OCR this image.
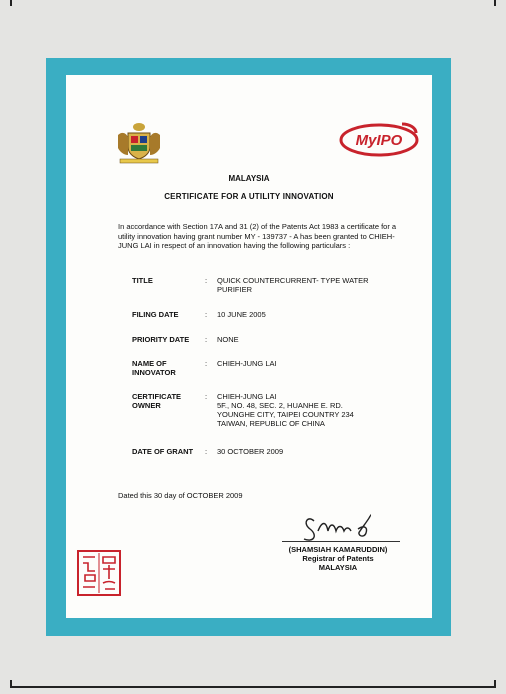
MyIPO
MALAYSIA
CERTIFICATE FOR A UTILITY INNOVATION
In accordance with Section 17A and 31 (2) of the Patents Act 1983 a certificate for a utility innovation having grant number MY - 139737 - A has been granted to CHIEH-JUNG LAI in respect of an innovation having the following particulars :
TITLE	: QUICK COUNTERCURRENT- TYPE WATER
PURIFIER
FILING DATE	: 10 JUNE 2005
PRIORITY DATE : NONE
NAME OF
INNOVATOR
: CHIEH-JUNG LAI
CERTIFICATE
OWNER
: CHIEH-JUNG LAI
5F., NO. 48, SEC. 2, HUANHE E. RD.
YOUNGHE CITY, TAIPEI COUNTRY 234
TAIWAN, REPUBLIC OF CHINA
DATE OF GRANT : 30 OCTOBER 2009
Dated this 30 day of OCTOBER 2009
(SHAMSIAH KAMARUDDIN)
Registrar of Patents
MALAYSIA
